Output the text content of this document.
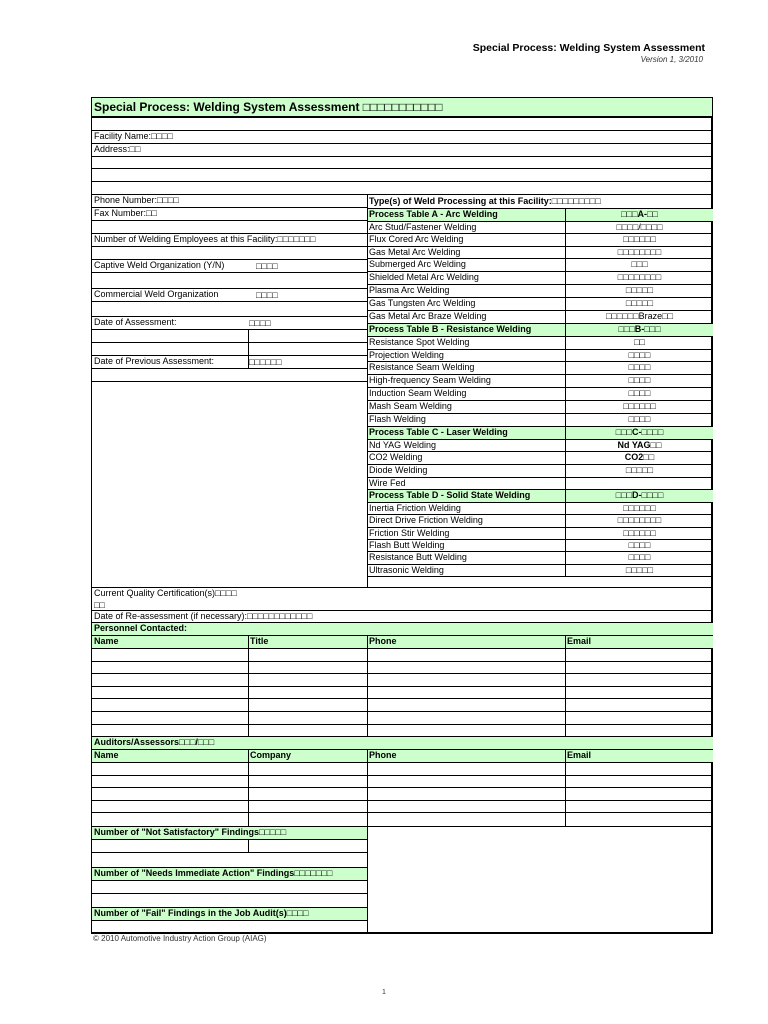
Special Process: Welding System Assessment
Version 1, 3/2010
Special Process: Welding System Assessment □□□□□□□□□□□
Facility Name:□□□□
Address:□□
Phone Number:□□□□
Fax Number:□□
Number of Welding Employees at this Facility:□□□□□□□
Captive Weld Organization (Y/N)	□□□□
Commercial Weld Organization	□□□□
Date of Assessment:	□□□□
Date of Previous Assessment:	□□□□□□
Type(s) of Weld Processing at this Facility:□□□□□□□□□
Process Table A - Arc Welding	□□□A-□□
Arc Stud/Fastener Welding	□□□□/□□□□
Flux Cored Arc Welding	□□□□□□
Gas Metal Arc Welding	□□□□□□□□
Submerged Arc Welding	□□□
Shielded Metal Arc Welding	□□□□□□□□
Plasma Arc Welding	□□□□□
Gas Tungsten Arc Welding	□□□□□
Gas Metal Arc Braze Welding	□□□□□□Braze□□
Process Table B - Resistance Welding	□□□B-□□□
Resistance Spot Welding	□□
Projection Welding	□□□□
Resistance Seam Welding	□□□□
High-frequency Seam Welding	□□□□
Induction Seam Welding	□□□□
Mash Seam Welding	□□□□□□
Flash Welding	□□□□
Process Table C - Laser Welding	□□□C-□□□□
Nd YAG Welding	Nd YAG□□
CO2 Welding	CO2□□
Diode Welding	□□□□□
Wire Fed
Process Table D - Solid State Welding	□□□D-□□□□
Inertia Friction Welding	□□□□□□
Direct Drive Friction Welding	□□□□□□□□
Friction Stir Welding	□□□□□□
Flash Butt Welding	□□□□
Resistance Butt Welding	□□□□
Ultrasonic Welding	□□□□□
Current Quality Certification(s)□□□□
□□
Date of Re-assessment (if necessary):□□□□□□□□□□□□
Personnel Contacted:
Name	Title	Phone	Email
Auditors/Assessors□□□/□□□
Name	Company	Phone	Email
Number of "Not Satisfactory" Findings□□□□□
Number of "Needs Immediate Action" Findings□□□□□□□
Number of "Fail" Findings in the Job Audit(s)□□□□
© 2010 Automotive Industry Action Group (AIAG)
1
